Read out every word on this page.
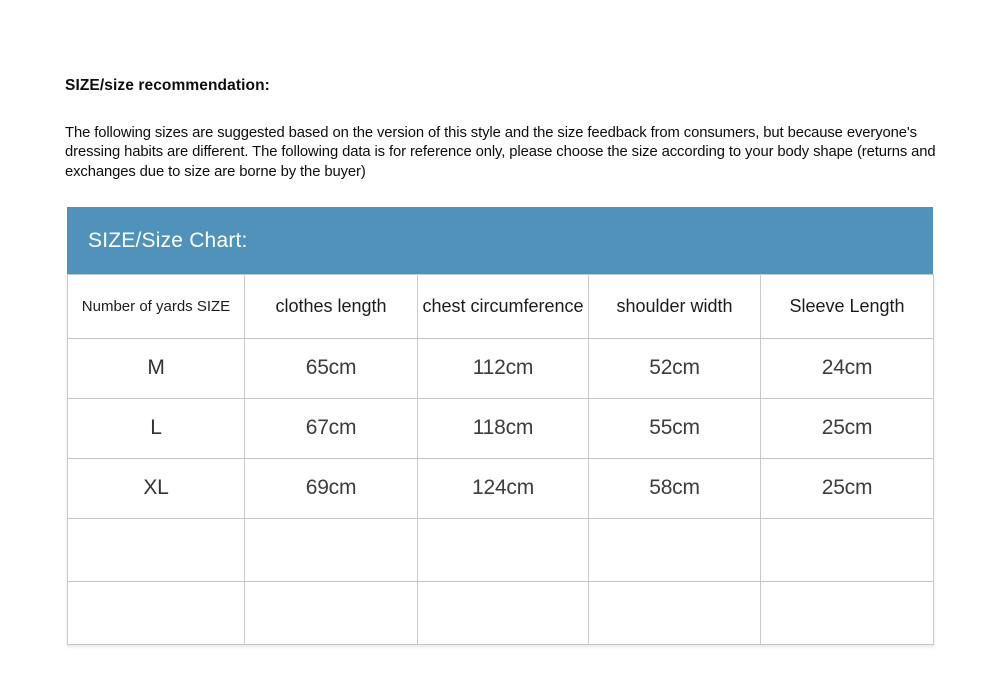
SIZE/size recommendation:

The following sizes are suggested based on the version of this style and the size feedback from consumers, but because everyone's dressing habits are different. The following data is for reference only, please choose the size according to your body shape (returns and exchanges due to size are borne by the buyer)

SIZE/Size Chart:
Number of yards SIZE	clothes length	chest circumference	shoulder width	Sleeve Length
M	65cm	112cm	52cm	24cm
L	67cm	118cm	55cm	25cm
XL	69cm	124cm	58cm	25cm
